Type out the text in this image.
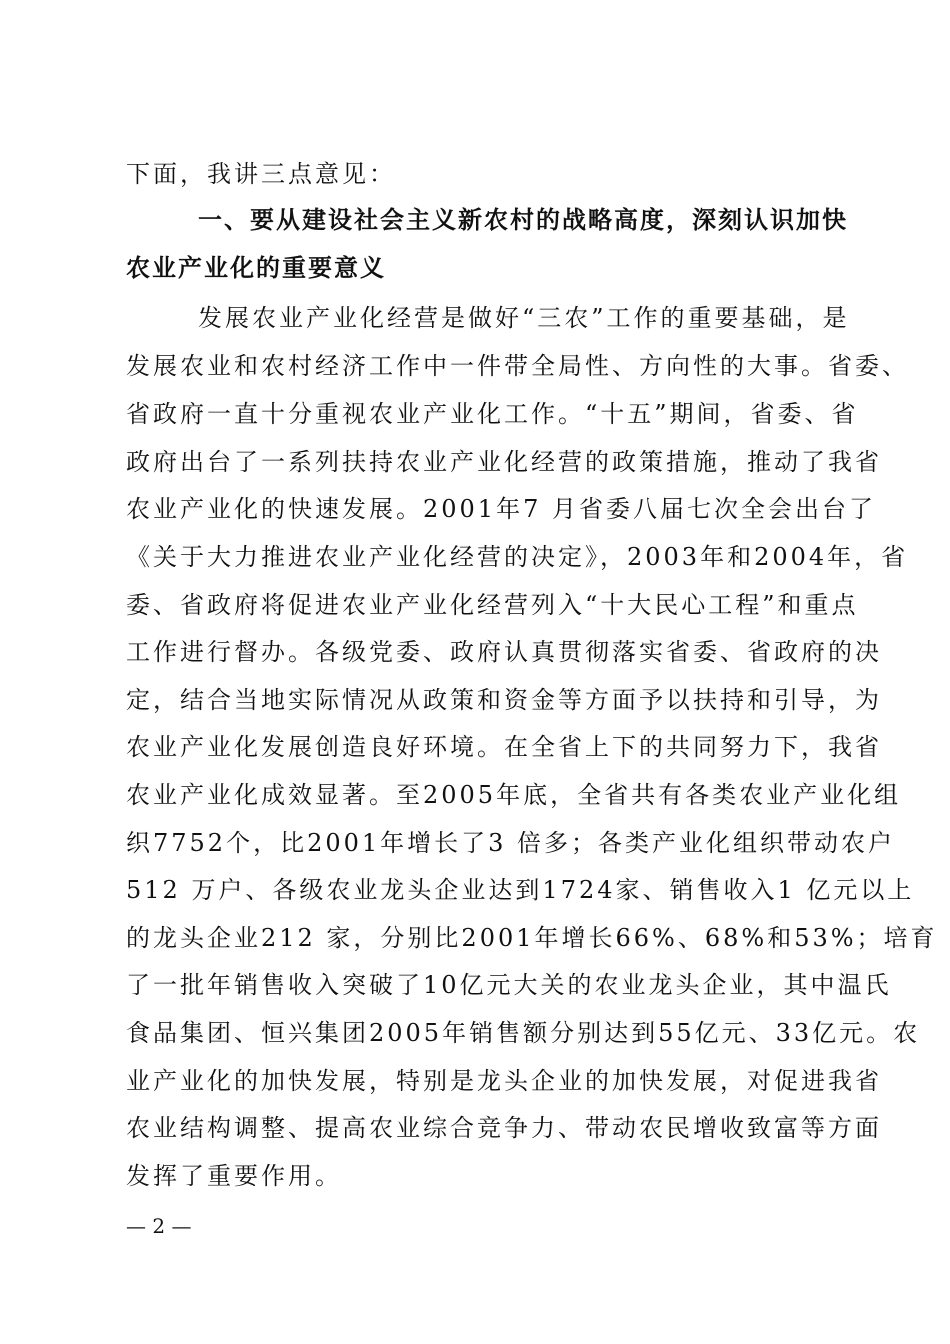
下面，我讲三点意见：
一、要从建设社会主义新农村的战略高度，深刻认识加快
农业产业化的重要意义
发展农业产业化经营是做好“三农”工作的重要基础，是
发展农业和农村经济工作中一件带全局性、方向性的大事。省委、
省政府一直十分重视农业产业化工作。“十五”期间，省委、省
政府出台了一系列扶持农业产业化经营的政策措施，推动了我省
农业产业化的快速发展。2001年7 月省委八届七次全会出台了
《关于大力推进农业产业化经营的决定》，2003年和2004年，省
委、省政府将促进农业产业化经营列入“十大民心工程”和重点
工作进行督办。各级党委、政府认真贯彻落实省委、省政府的决
定，结合当地实际情况从政策和资金等方面予以扶持和引导，为
农业产业化发展创造良好环境。在全省上下的共同努力下，我省
农业产业化成效显著。至2005年底，全省共有各类农业产业化组
织7752个，比2001年增长了3 倍多；各类产业化组织带动农户
512 万户、各级农业龙头企业达到1724家、销售收入1 亿元以上
的龙头企业212 家，分别比2001年增长66%、68%和53%；培育
了一批年销售收入突破了10亿元大关的农业龙头企业，其中温氏
食品集团、恒兴集团2005年销售额分别达到55亿元、33亿元。农
业产业化的加快发展，特别是龙头企业的加快发展，对促进我省
农业结构调整、提高农业综合竞争力、带动农民增收致富等方面
发挥了重要作用。
— 2 —
